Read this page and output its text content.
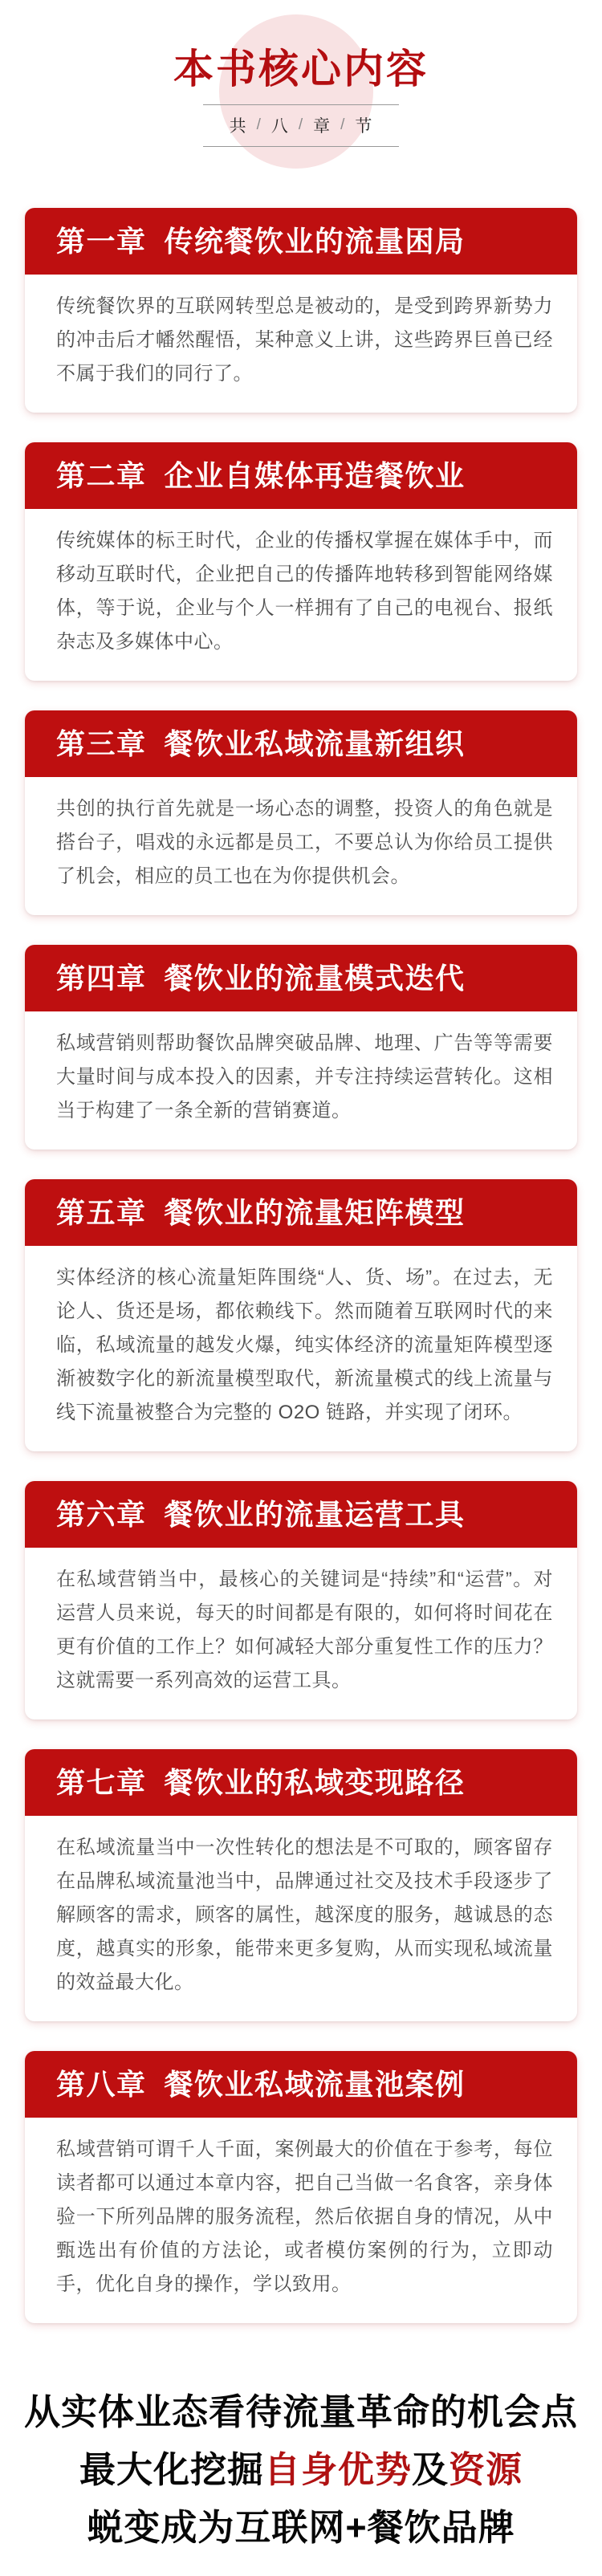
本书核心内容
共 / 八 / 章 / 节
第一章 传统餐饮业的流量困局

传统餐饮界的互联网转型总是被动的，是受到跨界新势力的冲击后才幡然醒悟，某种意义上讲，这些跨界巨兽已经不属于我们的同行了。

第二章 企业自媒体再造餐饮业

传统媒体的标王时代，企业的传播权掌握在媒体手中，而移动互联时代，企业把自己的传播阵地转移到智能网络媒体，等于说，企业与个人一样拥有了自己的电视台、报纸杂志及多媒体中心。

第三章 餐饮业私域流量新组织

共创的执行首先就是一场心态的调整，投资人的角色就是搭台子，唱戏的永远都是员工，不要总认为你给员工提供了机会，相应的员工也在为你提供机会。

第四章 餐饮业的流量模式迭代

私域营销则帮助餐饮品牌突破品牌、地理、广告等等需要大量时间与成本投入的因素，并专注持续运营转化。这相当于构建了一条全新的营销赛道。

第五章 餐饮业的流量矩阵模型

实体经济的核心流量矩阵围绕“人、货、场”。在过去，无论人、货还是场，都依赖线下。然而随着互联网时代的来临，私域流量的越发火爆，纯实体经济的流量矩阵模型逐渐被数字化的新流量模型取代，新流量模式的线上流量与线下流量被整合为完整的 O2O 链路，并实现了闭环。

第六章 餐饮业的流量运营工具

在私域营销当中，最核心的关键词是“持续”和“运营”。对运营人员来说，每天的时间都是有限的，如何将时间花在更有价值的工作上？如何减轻大部分重复性工作的压力？这就需要一系列高效的运营工具。

第七章 餐饮业的私域变现路径

在私域流量当中一次性转化的想法是不可取的，顾客留存在品牌私域流量池当中，品牌通过社交及技术手段逐步了解顾客的需求，顾客的属性，越深度的服务，越诚恳的态度，越真实的形象，能带来更多复购，从而实现私域流量的效益最大化。

第八章 餐饮业私域流量池案例

私域营销可谓千人千面，案例最大的价值在于参考，每位读者都可以通过本章内容，把自己当做一名食客，亲身体验一下所列品牌的服务流程，然后依据自身的情况，从中甄选出有价值的方法论，或者模仿案例的行为，立即动手，优化自身的操作，学以致用。

从实体业态看待流量革命的机会点
最大化挖掘自身优势及资源
蜕变成为互联网+餐饮品牌
